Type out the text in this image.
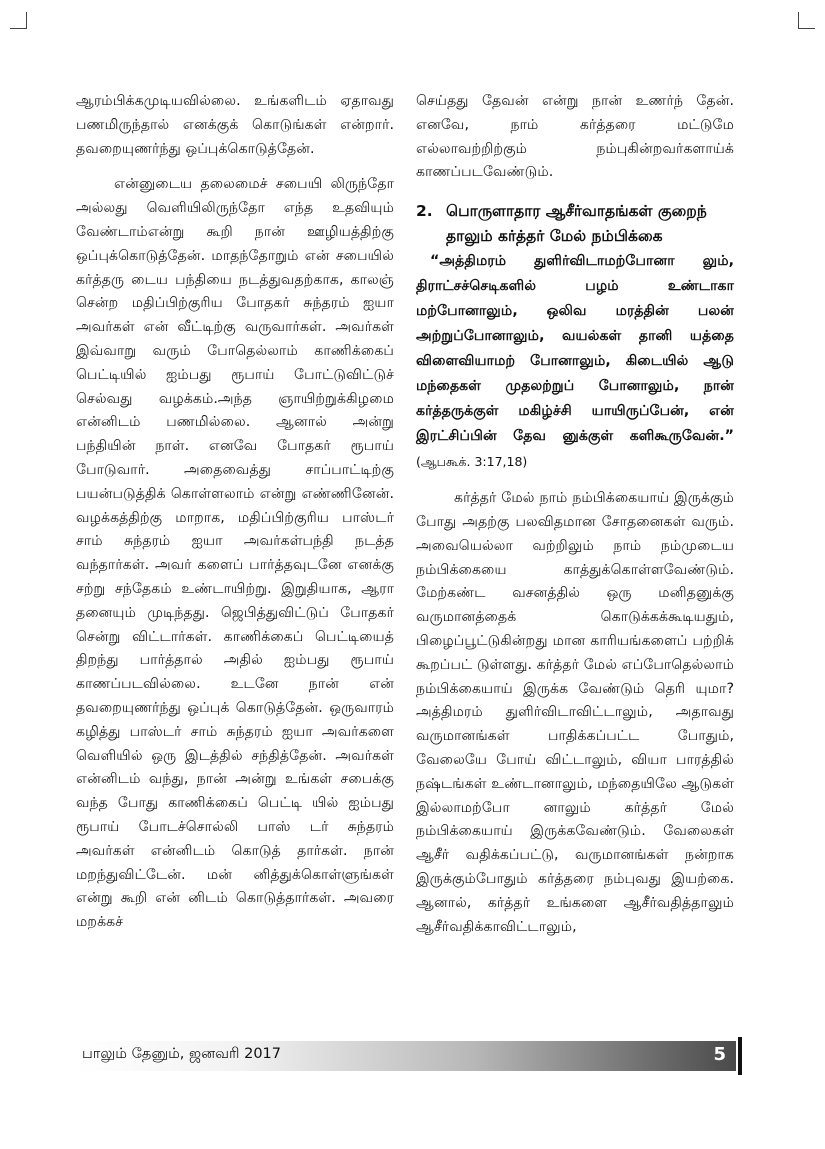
ஆரம்பிக்கமுடியவில்லை. உங்களிடம் ஏதாவது பணமிருந்தால் எனக்குக் கொடுங்கள் என்றார். தவறையுணர்ந்து ஒப்புக்கொடுத்தேன்.

என்னுடைய தலைமைச் சபையி லிருந்தோ அல்லது வெளியிலிருந்தோ எந்த உதவியும் வேண்டாம்என்று கூறி நான் ஊழியத்திற்கு ஒப்புக்கொடுத்தேன். மாதந்தோறும் என் சபையில் கர்த்தரு டைய பந்தியை நடத்துவதற்காக, காலஞ் சென்ற மதிப்பிற்குரிய போதகர் சுந்தரம் ஐயா அவர்கள் என் வீட்டிற்கு வருவார்கள். அவர்கள் இவ்வாறு வரும் போதெல்லாம் காணிக்கைப் பெட்டியில் ஐம்பது ரூபாய் போட்டுவிட்டுச் செல்வது வழக்கம்.அந்த ஞாயிற்றுக்கிழமை என்னிடம் பணமில்லை. ஆனால் அன்று பந்தியின் நாள். எனவே போதகர் ரூபாய் போடுவார். அதைவைத்து சாப்பாட்டிற்கு பயன்படுத்திக் கொள்ளலாம் என்று எண்ணினேன். வழக்கத்திற்கு மாறாக, மதிப்பிற்குரிய பாஸ்டர் சாம் சுந்தரம் ஐயா அவர்கள்பந்தி நடத்த வந்தார்கள். அவர் களைப் பார்த்தவுடனே எனக்கு சற்று சந்தேகம் உண்டாயிற்று. இறுதியாக, ஆரா தனையும் முடிந்தது. ஜெபித்துவிட்டுப் போதகர் சென்று விட்டார்கள். காணிக்கைப் பெட்டியைத் திறந்து பார்த்தால் அதில் ஐம்பது ரூபாய் காணப்படவில்லை. உடனே நான் என் தவறையுணர்ந்து ஒப்புக் கொடுத்தேன். ஒருவாரம் கழித்து பாஸ்டர் சாம் சுந்தரம் ஐயா அவர்களை வெளியில் ஒரு இடத்தில் சந்தித்தேன். அவர்கள் என்னிடம் வந்து, நான் அன்று உங்கள் சபைக்கு வந்த போது காணிக்கைப் பெட்டி யில் ஐம்பது ரூபாய் போடச்சொல்லி பாஸ் டர் சுந்தரம் அவர்கள் என்னிடம் கொடுத் தார்கள். நான் மறந்துவிட்டேன். மன் னித்துக்கொள்ளுங்கள் என்று கூறி என் னிடம் கொடுத்தார்கள். அவரை மறக்கச்

செய்தது தேவன் என்று நான் உணர்ந் தேன். எனவே, நாம் கர்த்தரை மட்டுமே எல்லாவற்றிற்கும் நம்புகின்றவர்களாய்க் காணப்படவேண்டும்.

2. பொருளாதார ஆசீர்வாதங்கள் குறைந் தாலும் கர்த்தர் மேல் நம்பிக்கை

“அத்திமரம் துளிர்விடாமற்போனா லும், திராட்சச்செடிகளில் பழம் உண்டாகா மற்போனாலும், ஒலிவ மரத்தின் பலன் அற்றுப்போனாலும், வயல்கள் தானி யத்தை விளைவியாமற் போனாலும், கிடையில் ஆடு மந்தைகள் முதலற்றுப் போனாலும், நான் கர்த்தருக்குள் மகிழ்ச்சி யாயிருப்பேன், என் இரட்சிப்பின் தேவ னுக்குள் களிகூருவேன்.” (ஆபகூக். 3:17,18)

கர்த்தர் மேல் நாம் நம்பிக்கையாய் இருக்கும் போது அதற்கு பலவிதமான சோதனைகள் வரும். அவையெல்லா வற்றிலும் நாம் நம்முடைய நம்பிக்கையை காத்துக்கொள்ளவேண்டும். மேற்கண்ட வசனத்தில் ஒரு மனிதனுக்கு வருமானத்தைக் கொடுக்கக்கூடியதும், பிழைப்பூட்டுகின்றது மான காரியங்களைப் பற்றிக் கூறப்பட் டுள்ளது. கர்த்தர் மேல் எப்போதெல்லாம் நம்பிக்கையாய் இருக்க வேண்டும் தெரி யுமா? அத்திமரம் துளிர்விடாவிட்டாலும், அதாவது வருமானங்கள் பாதிக்கப்பட்ட போதும், வேலையே போய் விட்டாலும், வியா பாரத்தில் நஷ்டங்கள் உண்டானாலும், மந்தையிலே ஆடுகள் இல்லாமற்போ னாலும் கர்த்தர் மேல் நம்பிக்கையாய் இருக்கவேண்டும். வேலைகள் ஆசீர் வதிக்கப்பட்டு, வருமானங்கள் நன்றாக இருக்கும்போதும் கர்த்தரை நம்புவது இயற்கை. ஆனால், கர்த்தர் உங்களை ஆசீர்வதித்தாலும் ஆசீர்வதிக்காவிட்டாலும்,

பாலும் தேனும், ஜனவரி 2017	5
